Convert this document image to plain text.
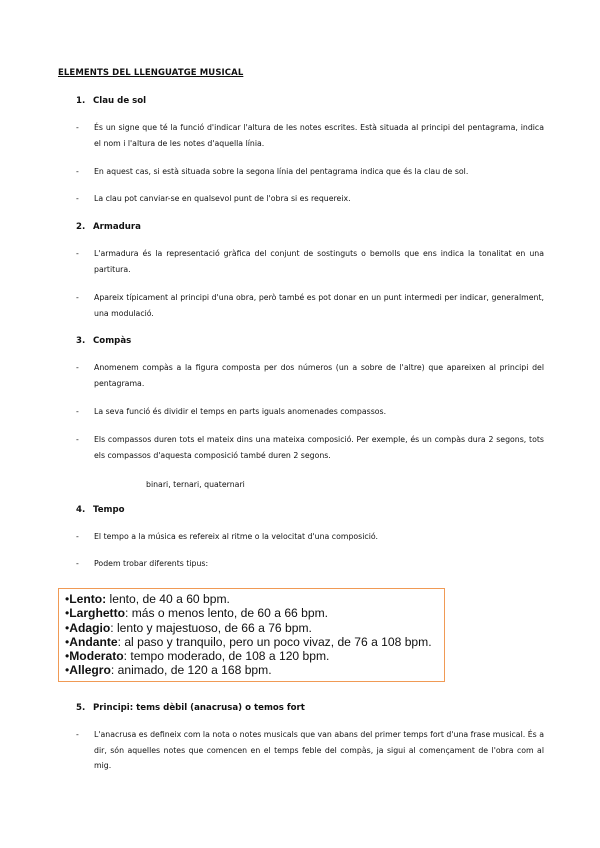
ELEMENTS DEL LLENGUATGE MUSICAL
1. Clau de sol
- És un signe que té la funció d'indicar l'altura de les notes escrites. Està situada al principi del pentagrama, indica el nom i l'altura de les notes d'aquella línia.
- En aquest cas, si està situada sobre la segona línia del pentagrama indica que és la clau de sol.
- La clau pot canviar-se en qualsevol punt de l'obra si es requereix.
2. Armadura
- L'armadura és la representació gràfica del conjunt de sostinguts o bemolls que ens indica la tonalitat en una partitura.
- Apareix típicament al principi d'una obra, però també es pot donar en un punt intermedi per indicar, generalment, una modulació.
3. Compàs
- Anomenem compàs a la figura composta per dos números (un a sobre de l'altre) que apareixen al principi del pentagrama.
- La seva funció és dividir el temps en parts iguals anomenades compassos.
- Els compassos duren tots el mateix dins una mateixa composició. Per exemple, és un compàs dura 2 segons, tots els compassos d'aquesta composició també duren 2 segons.
binari, ternari, quaternari
4. Tempo
- El tempo a la música es refereix al ritme o la velocitat d'una composició.
- Podem trobar diferents tipus:
•Lento: lento, de 40 a 60 bpm.
•Larghetto: más o menos lento, de 60 a 66 bpm.
•Adagio: lento y majestuoso, de 66 a 76 bpm.
•Andante: al paso y tranquilo, pero un poco vivaz, de 76 a 108 bpm.
•Moderato: tempo moderado, de 108 a 120 bpm.
•Allegro: animado, de 120 a 168 bpm.
5. Principi: tems dèbil (anacrusa) o temos fort
- L'anacrusa es defineix com la nota o notes musicals que van abans del primer temps fort d'una frase musical. És a dir, són aquelles notes que comencen en el temps feble del compàs, ja sigui al començament de l'obra com al mig.
